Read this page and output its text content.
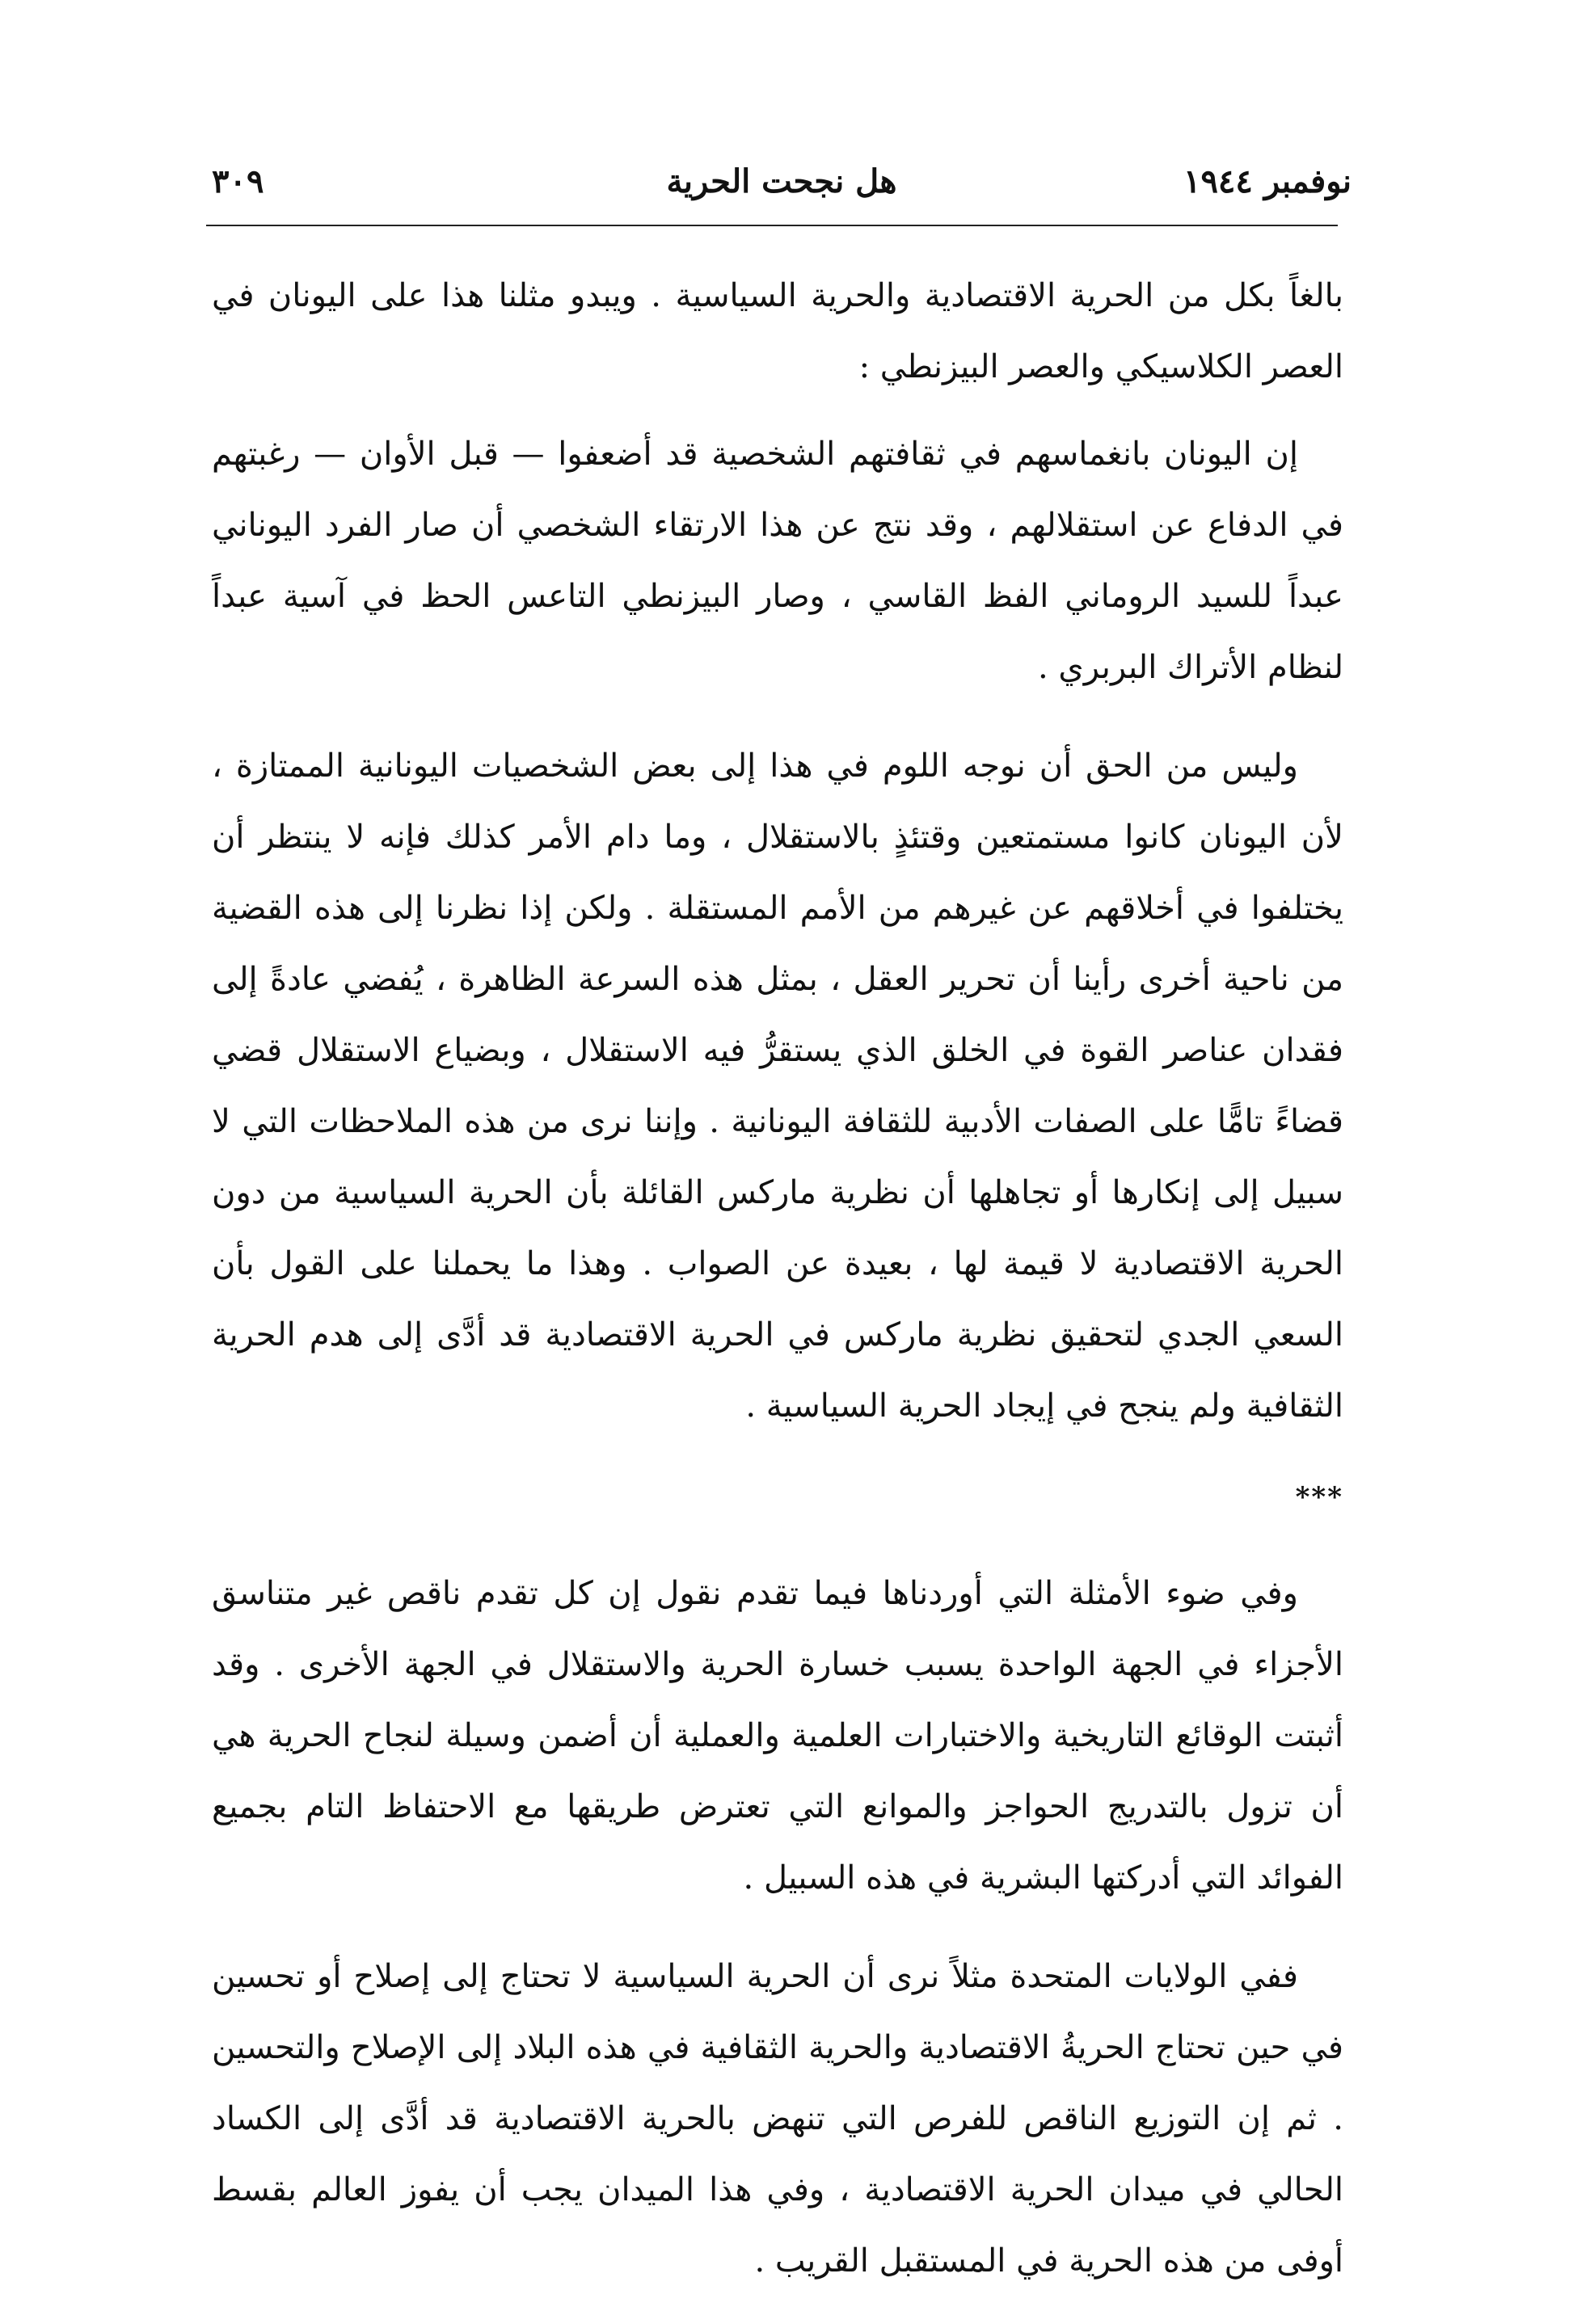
نوفمبر ١٩٤٤
هل نجحت الحرية
٣٠٩

بالغاً بكل من الحرية الاقتصادية والحرية السياسية . ويبدو مثلنا هذا على اليونان في العصر الكلاسيكي والعصر البيزنطي :

إن اليونان بانغماسهم في ثقافتهم الشخصية قد أضعفوا — قبل الأوان — رغبتهم في الدفاع عن استقلالهم ، وقد نتج عن هذا الارتقاء الشخصي أن صار الفرد اليوناني عبداً للسيد الروماني الفظ القاسي ، وصار البيزنطي التاعس الحظ في آسية عبداً لنظام الأتراك البربري .

وليس من الحق أن نوجه اللوم في هذا إلى بعض الشخصيات اليونانية الممتازة ، لأن اليونان كانوا مستمتعين وقتئذٍ بالاستقلال ، وما دام الأمر كذلك فإنه لا ينتظر أن يختلفوا في أخلاقهم عن غيرهم من الأمم المستقلة . ولكن إذا نظرنا إلى هذه القضية من ناحية أخرى رأينا أن تحرير العقل ، بمثل هذه السرعة الظاهرة ، يُفضي عادةً إلى فقدان عناصر القوة في الخلق الذي يستقرُّ فيه الاستقلال ، وبضياع الاستقلال قضي قضاءً تامًّا على الصفات الأدبية للثقافة اليونانية . وإننا نرى من هذه الملاحظات التي لا سبيل إلى إنكارها أو تجاهلها أن نظرية ماركس القائلة بأن الحرية السياسية من دون الحرية الاقتصادية لا قيمة لها ، بعيدة عن الصواب . وهذا ما يحملنا على القول بأن السعي الجدي لتحقيق نظرية ماركس في الحرية الاقتصادية قد أدَّى إلى هدم الحرية الثقافية ولم ينجح في إيجاد الحرية السياسية .

***

وفي ضوء الأمثلة التي أوردناها فيما تقدم نقول إن كل تقدم ناقص غير متناسق الأجزاء في الجهة الواحدة يسبب خسارة الحرية والاستقلال في الجهة الأخرى . وقد أثبتت الوقائع التاريخية والاختبارات العلمية والعملية أن أضمن وسيلة لنجاح الحرية هي أن تزول بالتدريج الحواجز والموانع التي تعترض طريقها مع الاحتفاظ التام بجميع الفوائد التي أدركتها البشرية في هذه السبيل .

ففي الولايات المتحدة مثلاً نرى أن الحرية السياسية لا تحتاج إلى إصلاح أو تحسين في حين تحتاج الحريةُ الاقتصادية والحرية الثقافية في هذه البلاد إلى الإصلاح والتحسين . ثم إن التوزيع الناقص للفرص التي تنهض بالحرية الاقتصادية قد أدَّى إلى الكساد الحالي في ميدان الحرية الاقتصادية ، وفي هذا الميدان يجب أن يفوز العالم بقسط أوفى من هذه الحرية في المستقبل القريب .
